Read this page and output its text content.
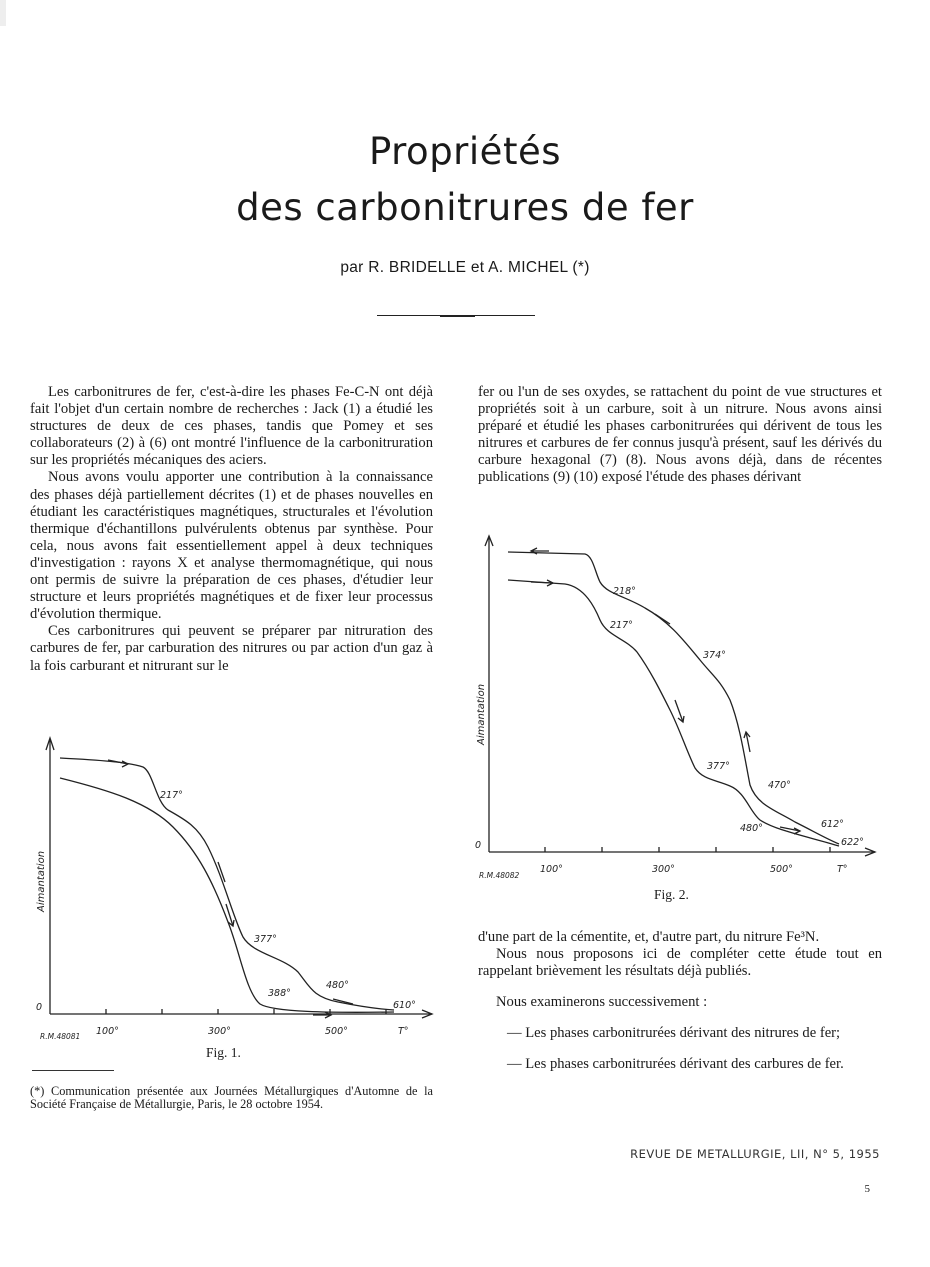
Propriétés
des carbonitrures de fer
par R. BRIDELLE et A. MICHEL (*)

Les carbonitrures de fer, c'est-à-dire les phases Fe-C-N ont déjà fait l'objet d'un certain nombre de recherches : Jack (1) a étudié les structures de deux de ces phases, tandis que Pomey et ses collaborateurs (2) à (6) ont montré l'influence de la carbonitruration sur les propriétés mécaniques des aciers.

Nous avons voulu apporter une contribution à la connaissance des phases déjà partiellement décrites (1) et de phases nouvelles en étudiant les caractéristiques magnétiques, structurales et l'évolution thermique d'échantillons pulvérulents obtenus par synthèse. Pour cela, nous avons fait essentiellement appel à deux techniques d'investigation : rayons X et analyse thermomagnétique, qui nous ont permis de suivre la préparation de ces phases, d'étudier leur structure et leurs propriétés magnétiques et de fixer leur processus d'évolution thermique.

Ces carbonitrures qui peuvent se préparer par nitruration des carbures de fer, par carburation des nitrures ou par action d'un gaz à la fois carburant et nitrurant sur le

fer ou l'un de ses oxydes, se rattachent du point de vue structures et propriétés soit à un carbure, soit à un nitrure. Nous avons ainsi préparé et étudié les phases carbonitrurées qui dérivent de tous les nitrures et carbures de fer connus jusqu'à présent, sauf les dérivés du carbure hexagonal (7) (8). Nous avons déjà, dans de récentes publications (9) (10) exposé l'étude des phases dérivant

218°
217°
374°
377°
470°
480°	612°
622°
0
100°	300°	500°	T°
R.M.48082
Aimantation
Fig. 2.

d'une part de la cémentite, et, d'autre part, du nitrure Fe³N.

Nous nous proposons ici de compléter cette étude tout en rappelant brièvement les résultats déjà publiés.

Nous examinerons successivement :

— Les phases carbonitrurées dérivant des nitrures de fer;

— Les phases carbonitrurées dérivant des carbures de fer.

217°
377°
388°
480°
610°
0
100°	300°	500°	T°
R.M.48081
Aimantation
Fig. 1.
(*) Communication présentée aux Journées Métallurgiques d'Automne de la Société Française de Métallurgie, Paris, le 28 octobre 1954.
REVUE DE METALLURGIE, LII, N° 5, 1955
5
